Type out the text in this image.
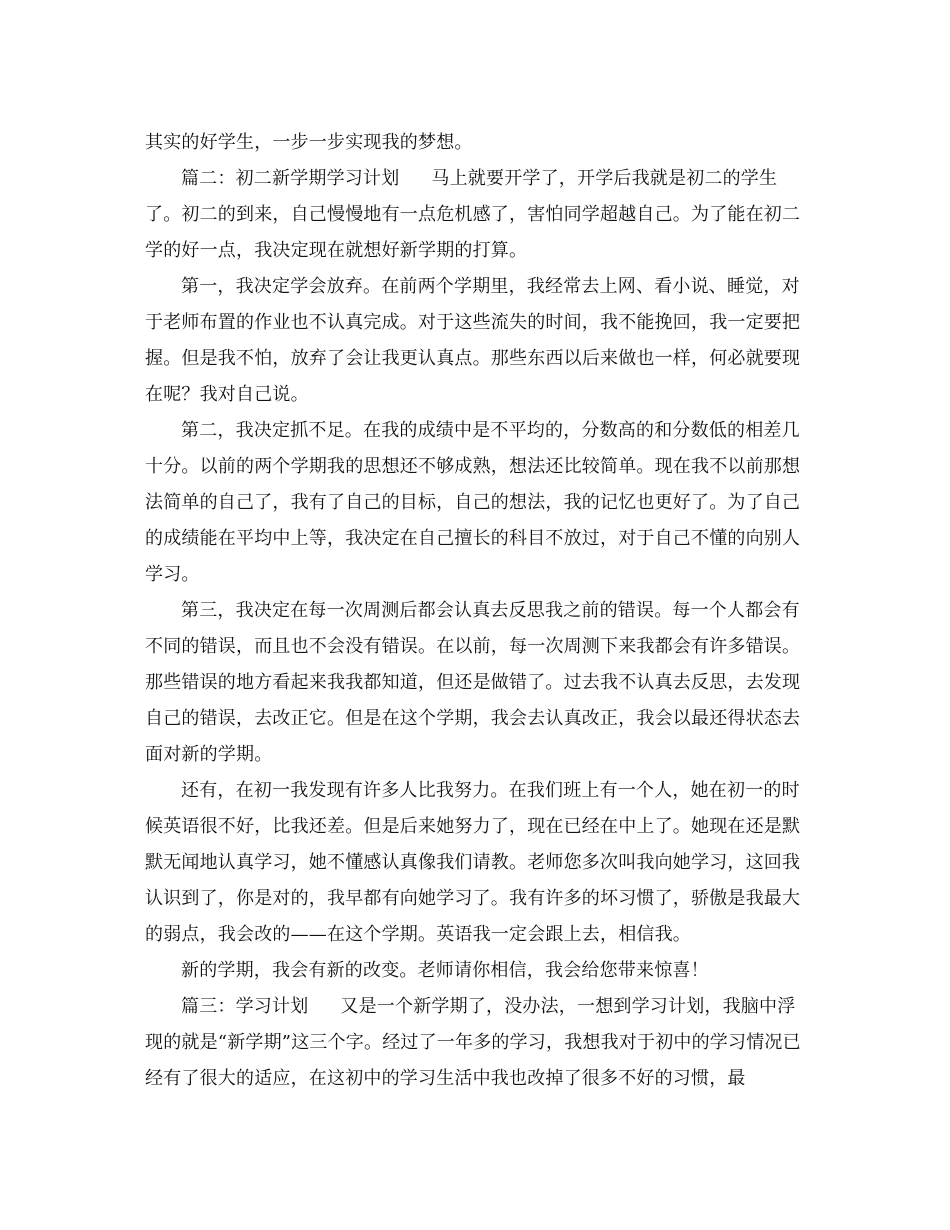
其实的好学生，一步一步实现我的梦想。

篇二：初二新学期学习计划 马上就要开学了，开学后我就是初二的学生了。初二的到来，自己慢慢地有一点危机感了，害怕同学超越自己。为了能在初二学的好一点，我决定现在就想好新学期的打算。

第一，我决定学会放弃。在前两个学期里，我经常去上网、看小说、睡觉，对于老师布置的作业也不认真完成。对于这些流失的时间，我不能挽回，我一定要把握。但是我不怕，放弃了会让我更认真点。那些东西以后来做也一样，何必就要现在呢？我对自己说。

第二，我决定抓不足。在我的成绩中是不平均的，分数高的和分数低的相差几十分。以前的两个学期我的思想还不够成熟，想法还比较简单。现在我不以前那想法简单的自己了，我有了自己的目标，自己的想法，我的记忆也更好了。为了自己的成绩能在平均中上等，我决定在自己擅长的科目不放过，对于自己不懂的向别人学习。

第三，我决定在每一次周测后都会认真去反思我之前的错误。每一个人都会有不同的错误，而且也不会没有错误。在以前，每一次周测下来我都会有许多错误。那些错误的地方看起来我我都知道，但还是做错了。过去我不认真去反思，去发现自己的错误，去改正它。但是在这个学期，我会去认真改正，我会以最还得状态去面对新的学期。

还有，在初一我发现有许多人比我努力。在我们班上有一个人，她在初一的时候英语很不好，比我还差。但是后来她努力了，现在已经在中上了。她现在还是默默无闻地认真学习，她不懂感认真像我们请教。老师您多次叫我向她学习，这回我认识到了，你是对的，我早都有向她学习了。我有许多的坏习惯了，骄傲是我最大的弱点，我会改的——在这个学期。英语我一定会跟上去，相信我。

新的学期，我会有新的改变。老师请你相信，我会给您带来惊喜！

篇三：学习计划 又是一个新学期了，没办法，一想到学习计划，我脑中浮现的就是“新学期”这三个字。经过了一年多的学习，我想我对于初中的学习情况已经有了很大的适应，在这初中的学习生活中我也改掉了很多不好的习惯，最
